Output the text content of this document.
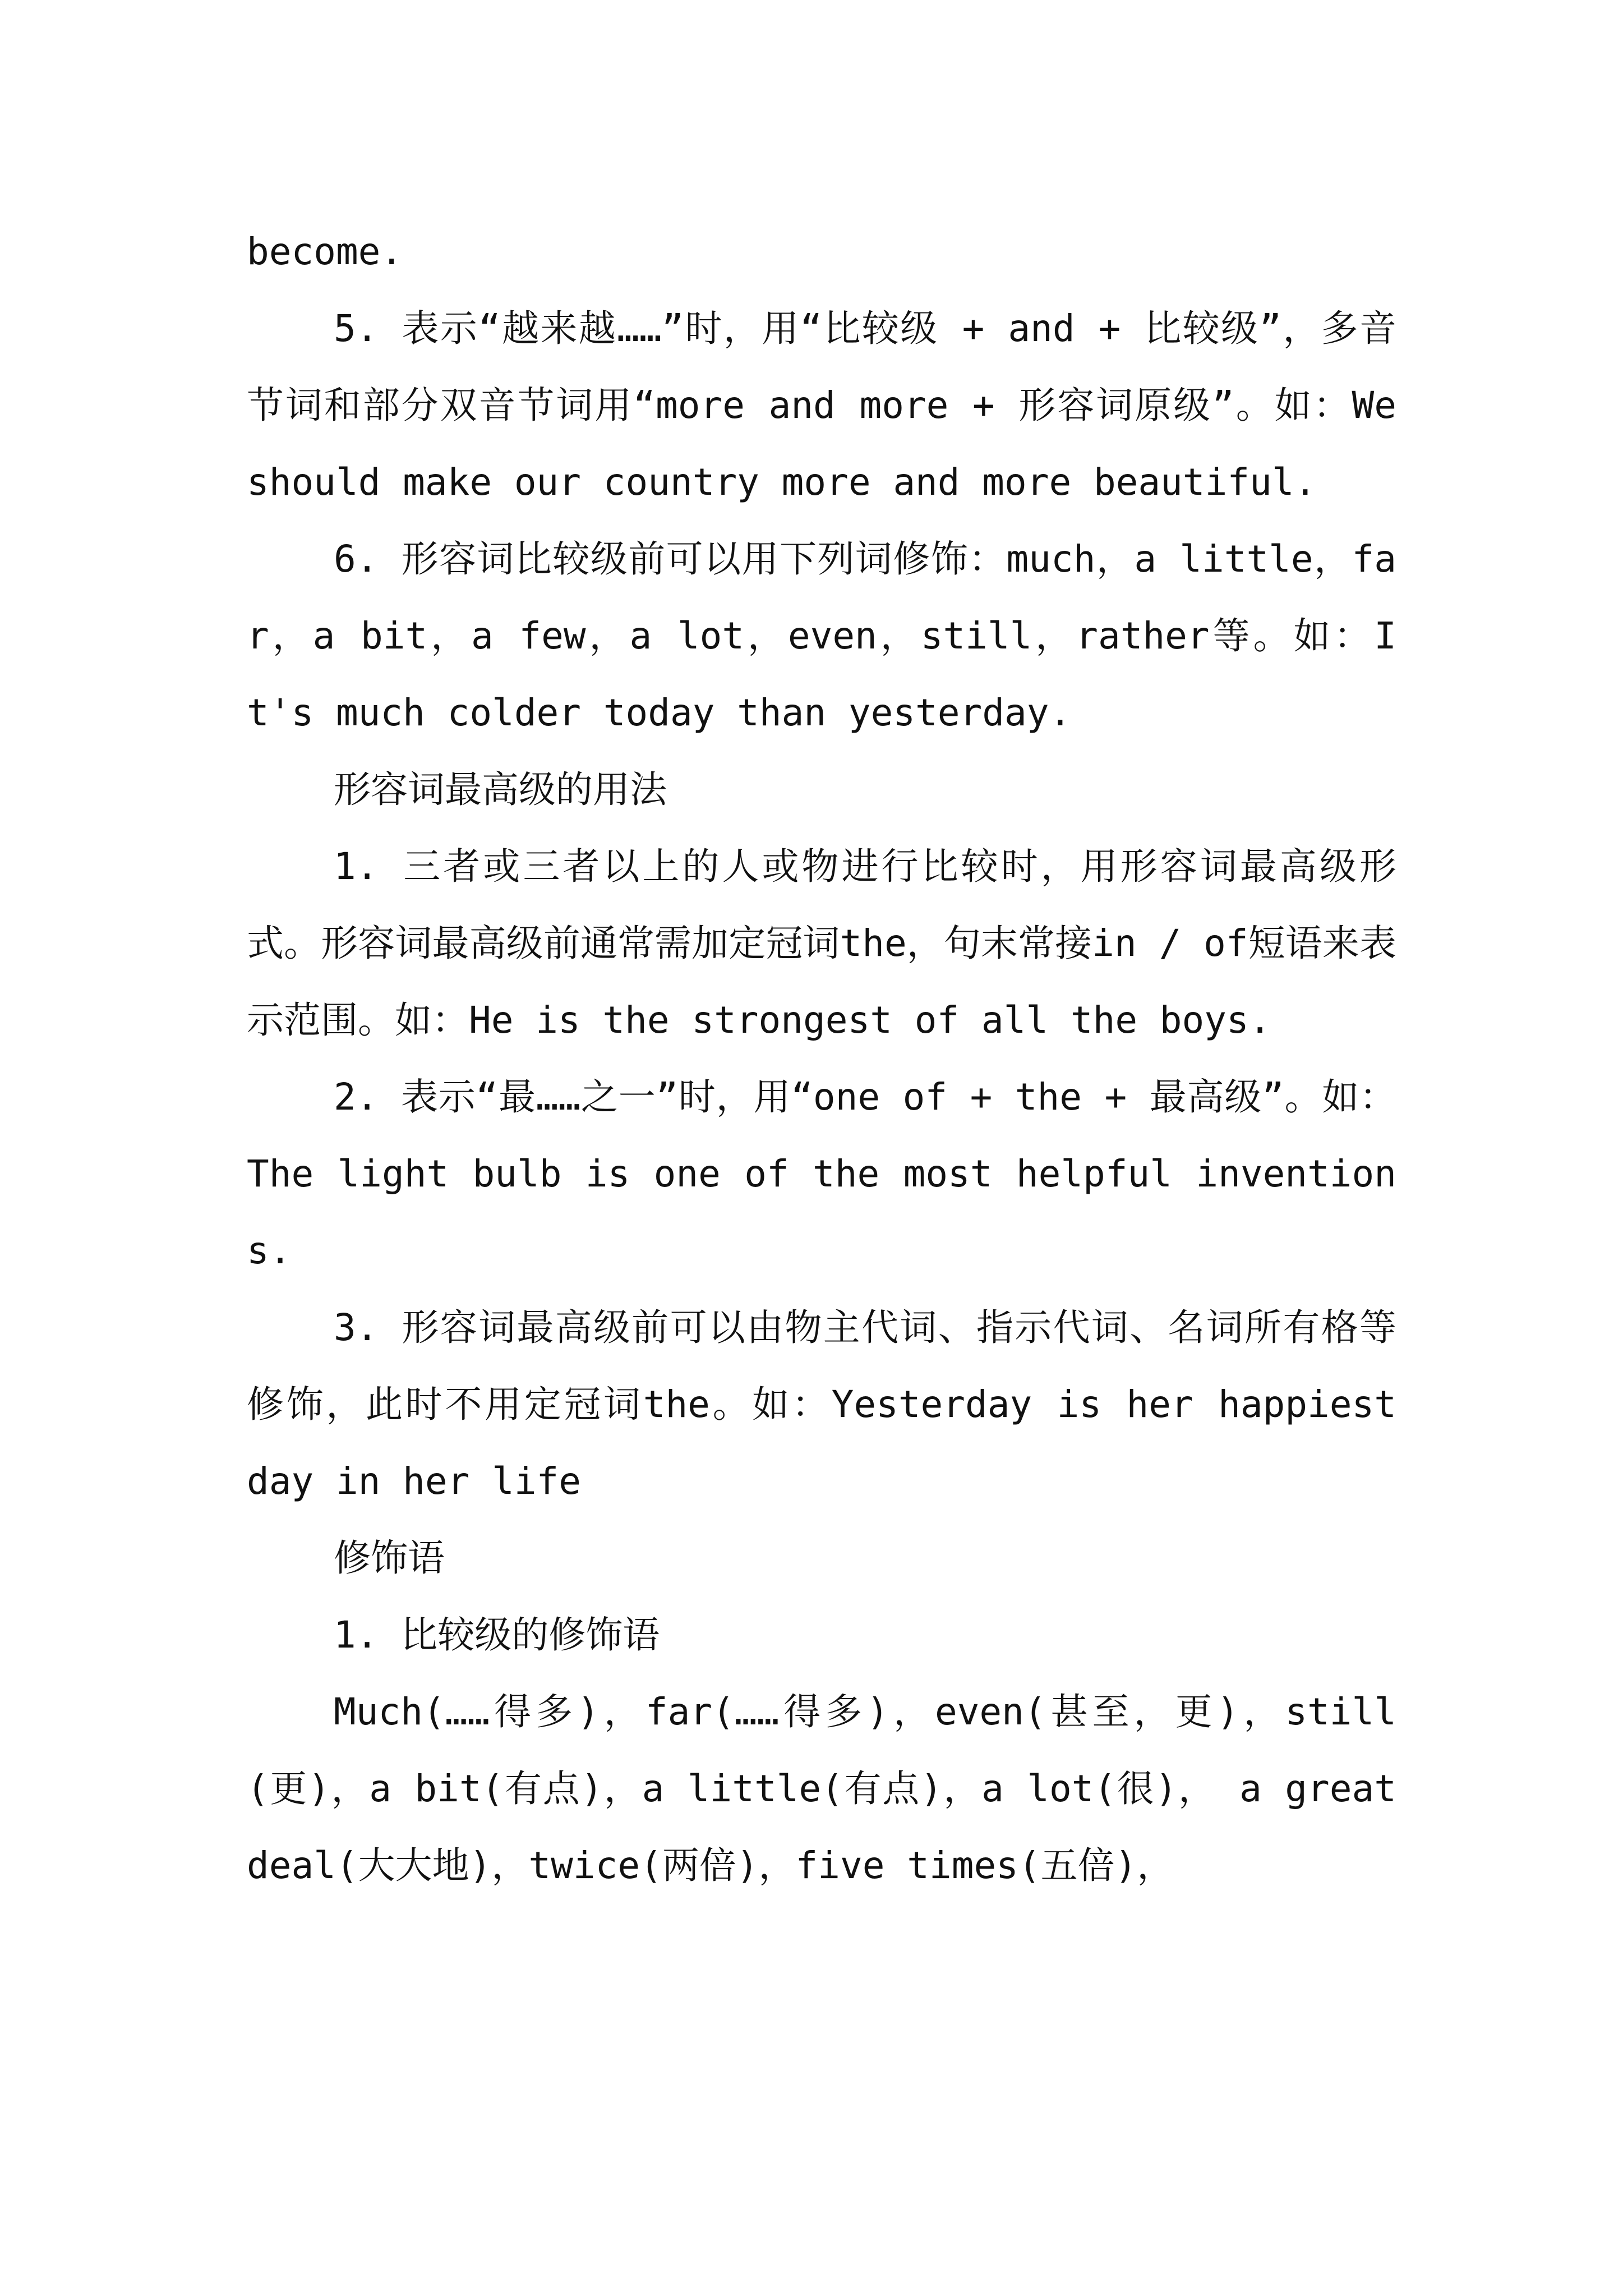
become.

5. 表示“越来越……”时，用“比较级 + and + 比较级”，多音节词和部分双音节词用“more and more + 形容词原级”。如：We should make our country more and more beautiful.

6. 形容词比较级前可以用下列词修饰：much，a little，far，a bit，a few，a lot，even，still，rather等。如：It's much colder today than yesterday.

形容词最高级的用法

1. 三者或三者以上的人或物进行比较时，用形容词最高级形式。形容词最高级前通常需加定冠词the，句末常接in / of短语来表示范围。如：He is the strongest of all the boys.

2. 表示“最……之一”时，用“one of + the + 最高级”。如：The light bulb is one of the most helpful inventions.

3. 形容词最高级前可以由物主代词、指示代词、名词所有格等修饰，此时不用定冠词the。如：Yesterday is her happiest day in her life

修饰语

1. 比较级的修饰语

Much(……得多)，far(……得多)，even(甚至，更)，still(更)，a bit(有点)，a little(有点)，a lot(很)， a great deal(大大地)，twice(两倍)，five times(五倍)，
